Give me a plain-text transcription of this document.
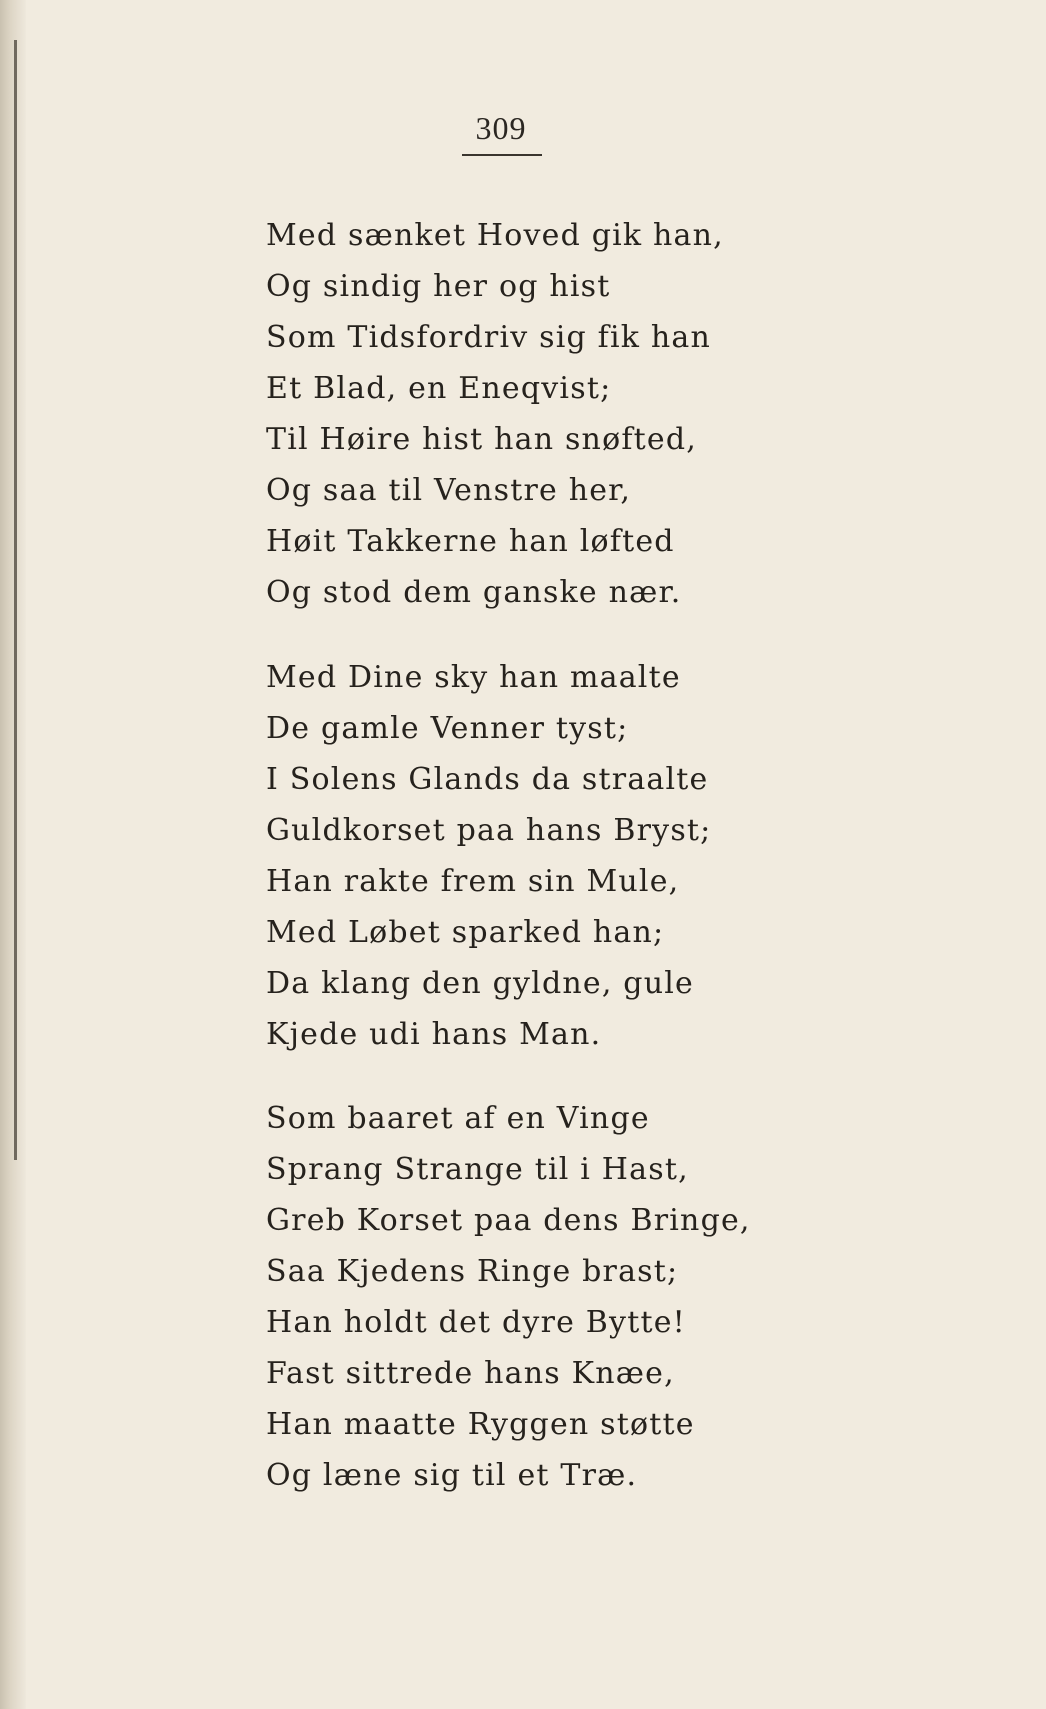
309
Med sænket Hoved gik han,
Og sindig her og hist
Som Tidsfordriv sig fik han
Et Blad, en Eneqvist;
Til Høire hist han snøfted,
Og saa til Venstre her,
Høit Takkerne han løfted
Og stod dem ganske nær.
Med Dine sky han maalte
De gamle Venner tyst;
I Solens Glands da straalte
Guldkorset paa hans Bryst;
Han rakte frem sin Mule,
Med Løbet sparked han;
Da klang den gyldne, gule
Kjede udi hans Man.
Som baaret af en Vinge
Sprang Strange til i Hast,
Greb Korset paa dens Bringe,
Saa Kjedens Ringe brast;
Han holdt det dyre Bytte!
Fast sittrede hans Knæe,
Han maatte Ryggen støtte
Og læne sig til et Træ.
